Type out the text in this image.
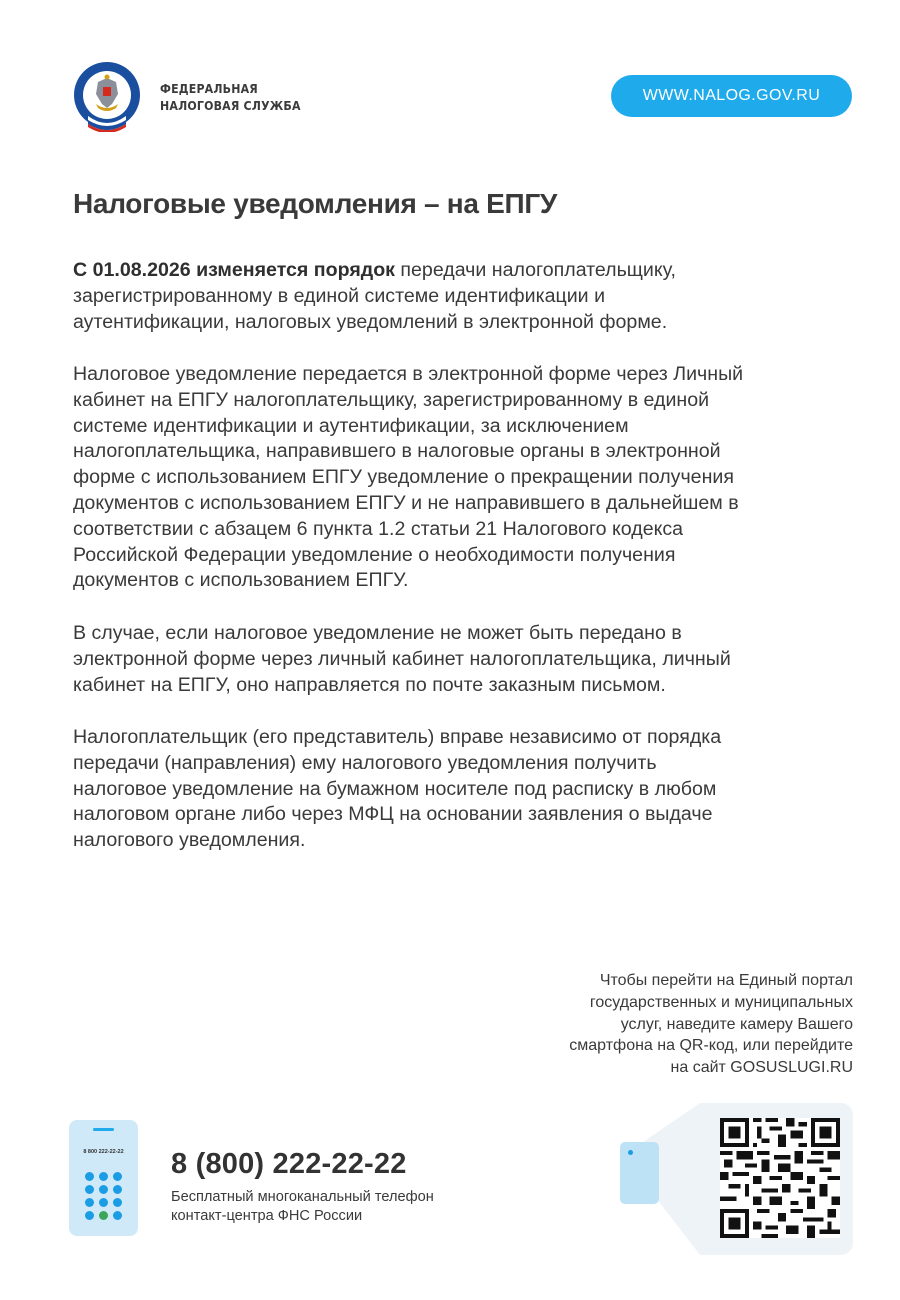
ФЕДЕРАЛЬНАЯ
НАЛОГОВАЯ СЛУЖБА
WWW.NALOG.GOV.RU
Налоговые уведомления – на ЕПГУ
С 01.08.2026 изменяется порядок передачи налогоплательщику,
зарегистрированному в единой системе идентификации и
аутентификации, налоговых уведомлений в электронной форме.
Налоговое уведомление передается в электронной форме через Личный
кабинет на ЕПГУ налогоплательщику, зарегистрированному в единой
системе идентификации и аутентификации, за исключением
налогоплательщика, направившего в налоговые органы в электронной
форме с использованием ЕПГУ уведомление о прекращении получения
документов с использованием ЕПГУ и не направившего в дальнейшем в
соответствии с абзацем 6 пункта 1.2 статьи 21 Налогового кодекса
Российской Федерации уведомление о необходимости получения
документов с использованием ЕПГУ.
В случае, если налоговое уведомление не может быть передано в
электронной форме через личный кабинет налогоплательщика, личный
кабинет на ЕПГУ, оно направляется по почте заказным письмом.
Налогоплательщик (его представитель) вправе независимо от порядка
передачи (направления) ему налогового уведомления получить
налоговое уведомление на бумажном носителе под расписку в любом
налоговом органе либо через МФЦ на основании заявления о выдаче
налогового уведомления.
Чтобы перейти на Единый портал
государственных и муниципальных
услуг, наведите камеру Вашего
смартфона на QR-код, или перейдите
на сайт GOSUSLUGI.RU
8 800 222-22-22	8 (800) 222-22-22
Бесплатный многоканальный телефон
контакт-центра ФНС России
